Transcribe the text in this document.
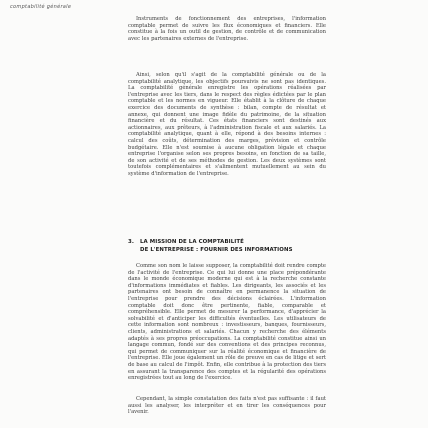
comptabilité générale

Instruments de fonctionnement des entreprises, l'information comptable permet de suivre les flux économiques et financiers. Elle constitue à la fois un outil de gestion, de contrôle et de communication avec les partenaires externes de l'entreprise.

Ainsi, selon qu'il s'agit de la comptabilité générale ou de la comptabilité analytique, les objectifs poursuivis ne sont pas identiques. La comptabilité générale enregistre les opérations réalisées par l'entreprise avec les tiers, dans le respect des règles édictées par le plan comptable et les normes en vigueur. Elle établit à la clôture de chaque exercice des documents de synthèse : bilan, compte de résultat et annexe, qui donnent une image fidèle du patrimoine, de la situation financière et du résultat. Ces états financiers sont destinés aux actionnaires, aux prêteurs, à l'administration fiscale et aux salariés. La comptabilité analytique, quant à elle, répond à des besoins internes : calcul des coûts, détermination des marges, prévision et contrôle budgétaire. Elle n'est soumise à aucune obligation légale et chaque entreprise l'organise selon ses propres besoins, en fonction de sa taille, de son activité et de ses méthodes de gestion. Les deux systèmes sont toutefois complémentaires et s'alimentent mutuellement au sein du système d'information de l'entreprise.

3. LA MISSION DE LA COMPTABILITÉ
DE L'ENTREPRISE : FOURNIR DES INFORMATIONS

Comme son nom le laisse supposer, la comptabilité doit rendre compte de l'activité de l'entreprise. Ce qui lui donne une place prépondérante dans le monde économique moderne qui est à la recherche constante d'informations immédiates et fiables. Les dirigeants, les associés et les partenaires ont besoin de connaître en permanence la situation de l'entreprise pour prendre des décisions éclairées. L'information comptable doit donc être pertinente, fiable, comparable et compréhensible. Elle permet de mesurer la performance, d'apprécier la solvabilité et d'anticiper les difficultés éventuelles. Les utilisateurs de cette information sont nombreux : investisseurs, banques, fournisseurs, clients, administrations et salariés. Chacun y recherche des éléments adaptés à ses propres préoccupations. La comptabilité constitue ainsi un langage commun, fondé sur des conventions et des principes reconnus, qui permet de communiquer sur la réalité économique et financière de l'entreprise. Elle joue également un rôle de preuve en cas de litige et sert de base au calcul de l'impôt. Enfin, elle contribue à la protection des tiers en assurant la transparence des comptes et la régularité des opérations enregistrées tout au long de l'exercice.

Cependant, la simple constatation des faits n'est pas suffisante : il faut aussi les analyser, les interpréter et en tirer les conséquences pour l'avenir.
